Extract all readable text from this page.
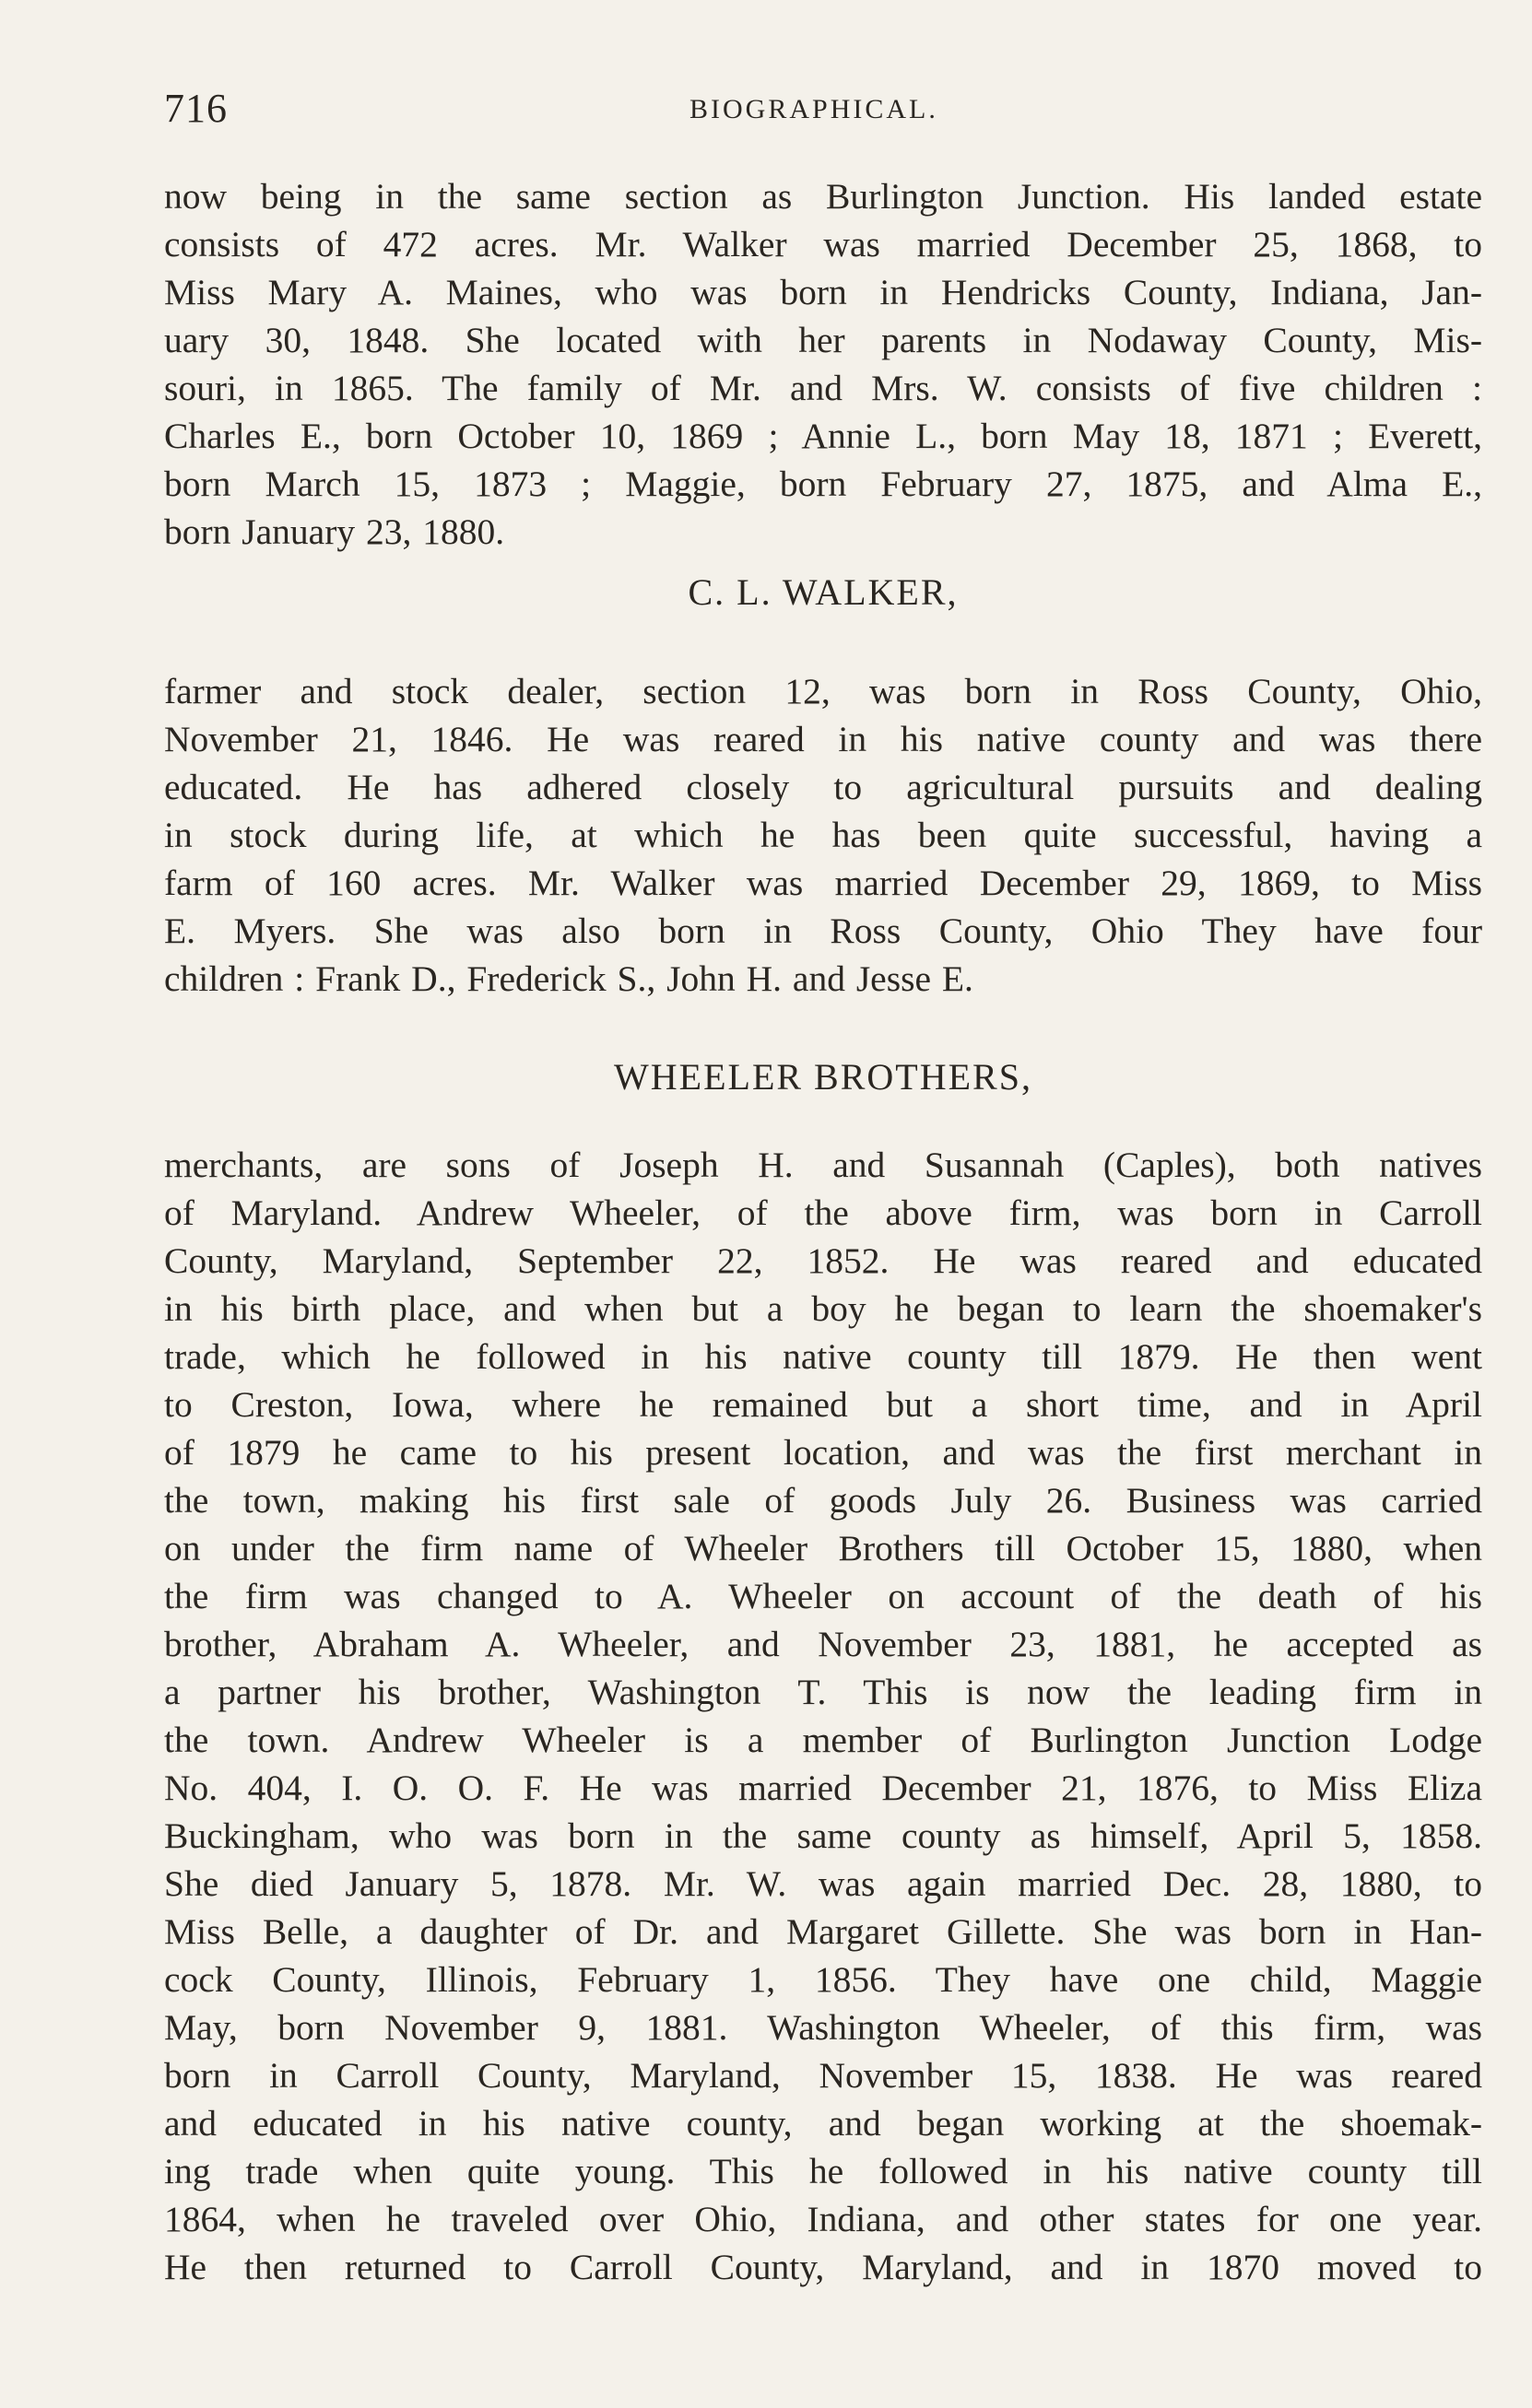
716	BIOGRAPHICAL.
now being in the same section as Burlington Junction. His landed estate
consists of 472 acres. Mr. Walker was married December 25, 1868, to
Miss Mary A. Maines, who was born in Hendricks County, Indiana, Jan-
uary 30, 1848. She located with her parents in Nodaway County, Mis-
souri, in 1865. The family of Mr. and Mrs. W. consists of five children :
Charles E., born October 10, 1869 ; Annie L., born May 18, 1871 ; Everett,
born March 15, 1873 ; Maggie, born February 27, 1875, and Alma E.,
born January 23, 1880.
C. L. WALKER,
farmer and stock dealer, section 12, was born in Ross County, Ohio,
November 21, 1846. He was reared in his native county and was there
educated. He has adhered closely to agricultural pursuits and dealing
in stock during life, at which he has been quite successful, having a
farm of 160 acres. Mr. Walker was married December 29, 1869, to Miss
E. Myers. She was also born in Ross County, Ohio They have four
children : Frank D., Frederick S., John H. and Jesse E.
WHEELER BROTHERS,
merchants, are sons of Joseph H. and Susannah (Caples), both natives
of Maryland. Andrew Wheeler, of the above firm, was born in Carroll
County, Maryland, September 22, 1852. He was reared and educated
in his birth place, and when but a boy he began to learn the shoemaker's
trade, which he followed in his native county till 1879. He then went
to Creston, Iowa, where he remained but a short time, and in April
of 1879 he came to his present location, and was the first merchant in
the town, making his first sale of goods July 26. Business was carried
on under the firm name of Wheeler Brothers till October 15, 1880, when
the firm was changed to A. Wheeler on account of the death of his
brother, Abraham A. Wheeler, and November 23, 1881, he accepted as
a partner his brother, Washington T. This is now the leading firm in
the town. Andrew Wheeler is a member of Burlington Junction Lodge
No. 404, I. O. O. F. He was married December 21, 1876, to Miss Eliza
Buckingham, who was born in the same county as himself, April 5, 1858.
She died January 5, 1878. Mr. W. was again married Dec. 28, 1880, to
Miss Belle, a daughter of Dr. and Margaret Gillette. She was born in Han-
cock County, Illinois, February 1, 1856. They have one child, Maggie
May, born November 9, 1881. Washington Wheeler, of this firm, was
born in Carroll County, Maryland, November 15, 1838. He was reared
and educated in his native county, and began working at the shoemak-
ing trade when quite young. This he followed in his native county till
1864, when he traveled over Ohio, Indiana, and other states for one year.
He then returned to Carroll County, Maryland, and in 1870 moved to
